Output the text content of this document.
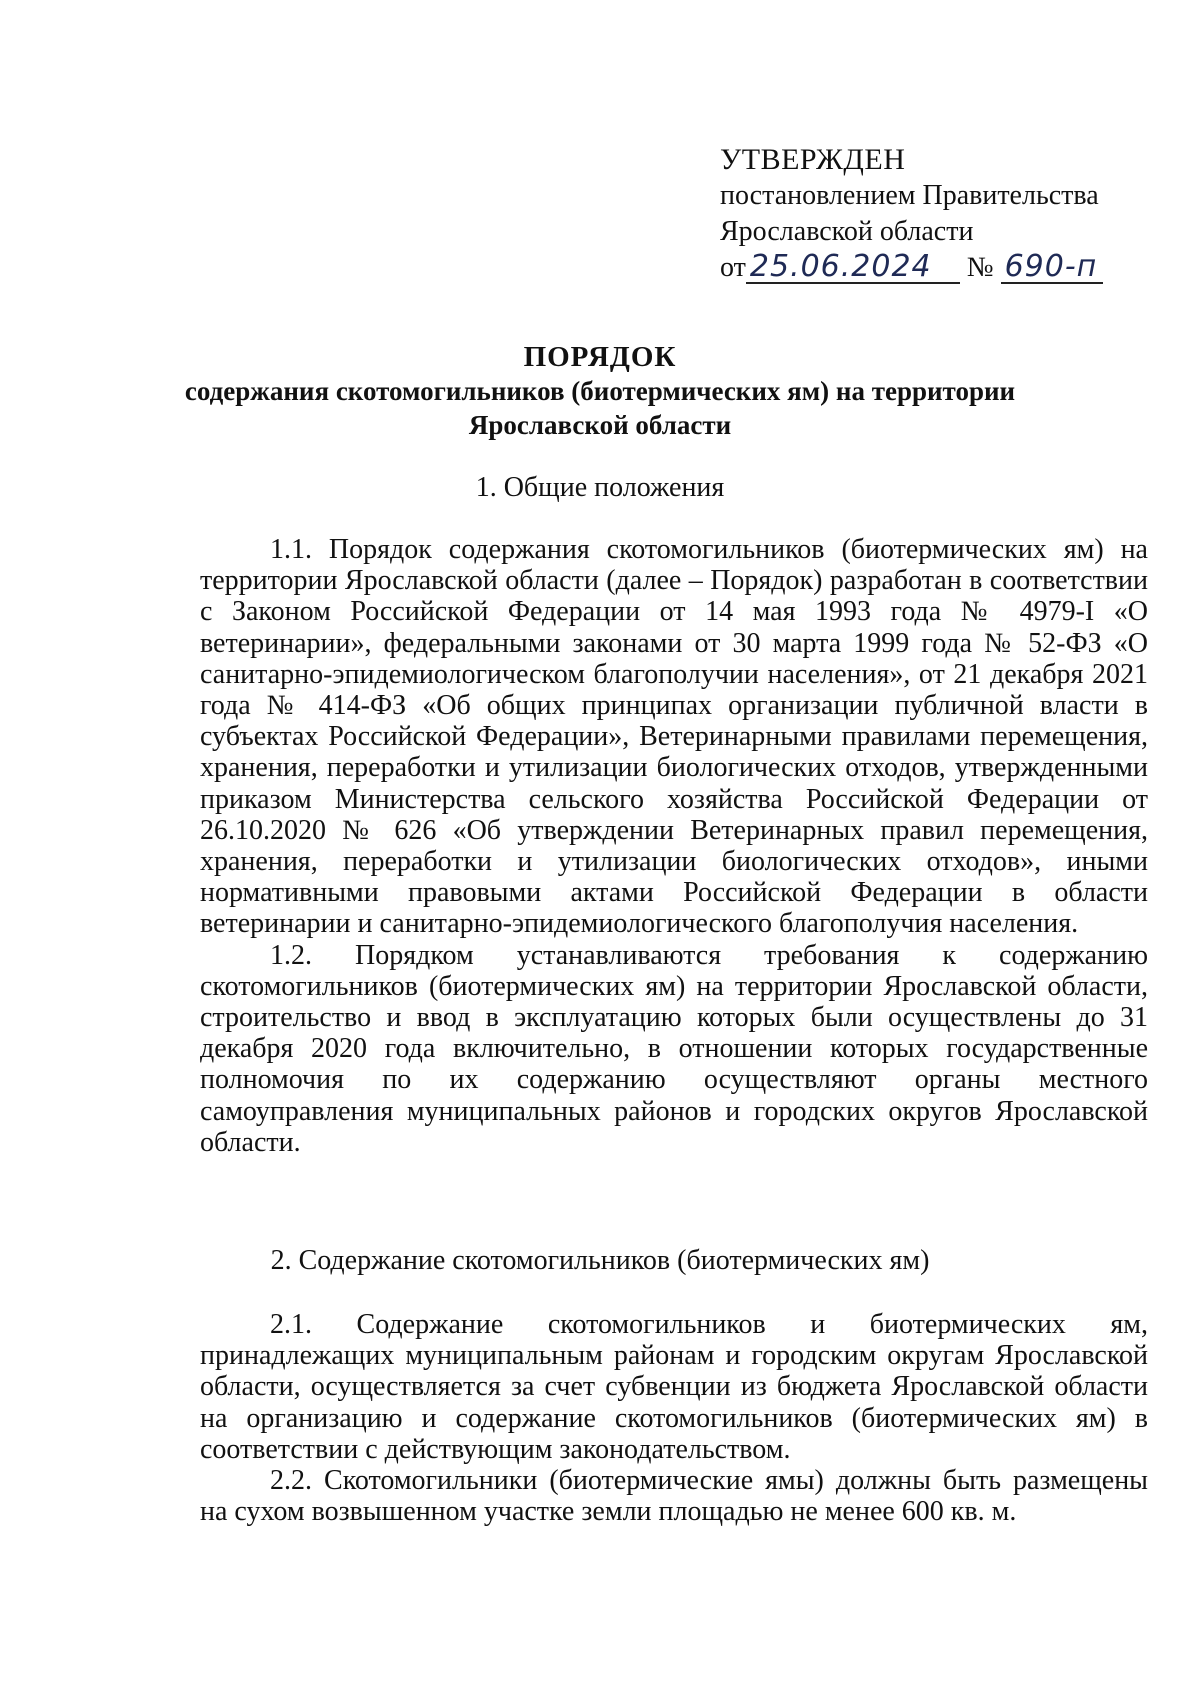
УТВЕРЖДЕН
постановлением Правительства
Ярославской области
от 25.06.2024 № 690-п
ПОРЯДОК
содержания скотомогильников (биотермических ям) на территории
Ярославской области
1. Общие положения

1.1. Порядок содержания скотомогильников (биотермических ям) на территории Ярославской области (далее – Порядок) разработан в соответствии с Законом Российской Федерации от 14 мая 1993 года № 4979-I «О ветеринарии», федеральными законами от 30 марта 1999 года № 52-ФЗ «О санитарно-эпидемиологическом благополучии населения», от 21 декабря 2021 года № 414-ФЗ «Об общих принципах организации публичной власти в субъектах Российской Федерации», Ветеринарными правилами перемещения, хранения, переработки и утилизации биологических отходов, утвержденными приказом Министерства сельского хозяйства Российской Федерации от 26.10.2020 № 626 «Об утверждении Ветеринарных правил перемещения, хранения, переработки и утилизации биологических отходов», иными нормативными правовыми актами Российской Федерации в области ветеринарии и санитарно-эпидемиологического благополучия населения.

1.2. Порядком устанавливаются требования к содержанию скотомогильников (биотермических ям) на территории Ярославской области, строительство и ввод в эксплуатацию которых были осуществлены до 31 декабря 2020 года включительно, в отношении которых государственные полномочия по их содержанию осуществляют органы местного самоуправления муниципальных районов и городских округов Ярославской области.

2. Содержание скотомогильников (биотермических ям)

2.1. Содержание скотомогильников и биотермических ям, принадлежащих муниципальным районам и городским округам Ярославской области, осуществляется за счет субвенции из бюджета Ярославской области на организацию и содержание скотомогильников (биотермических ям) в соответствии с действующим законодательством.

2.2. Скотомогильники (биотермические ямы) должны быть размещены на сухом возвышенном участке земли площадью не менее 600 кв. м.
